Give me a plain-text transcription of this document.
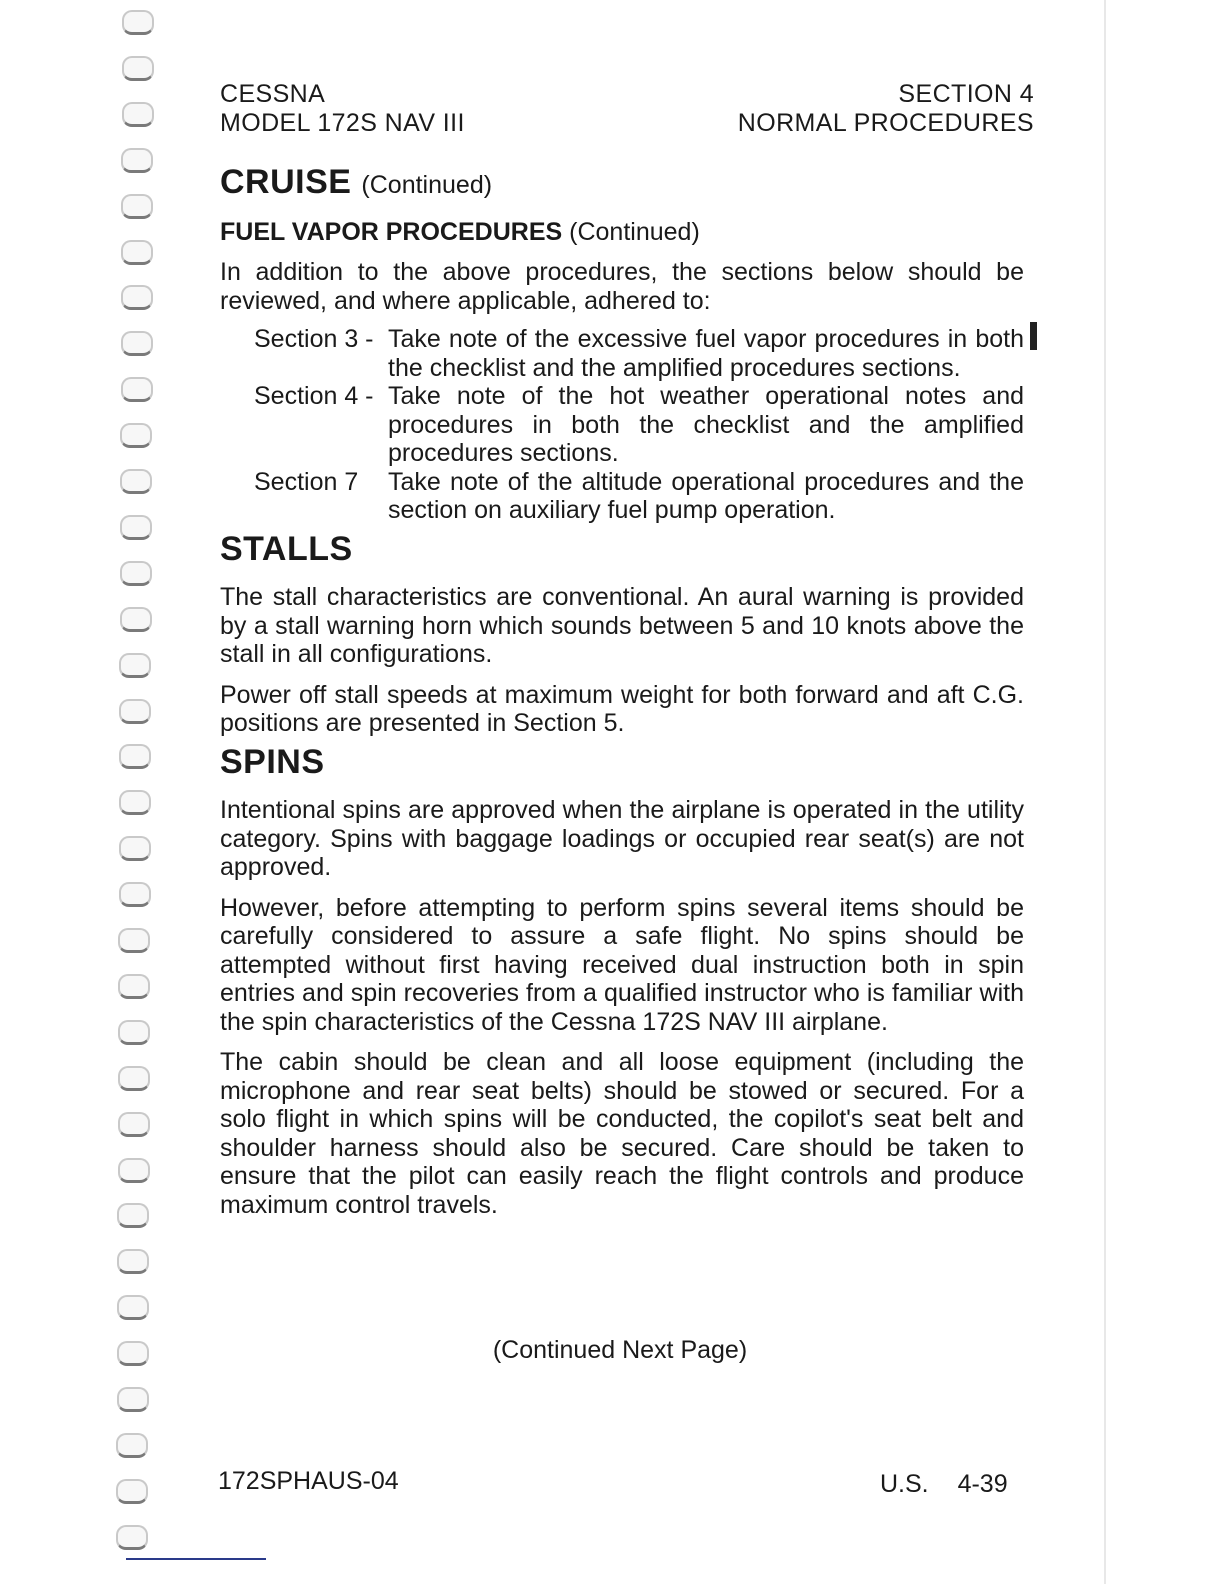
CESSNA
MODEL 172S NAV III
SECTION 4
NORMAL PROCEDURES
CRUISE (Continued)
FUEL VAPOR PROCEDURES (Continued)

In addition to the above procedures, the sections below should be reviewed, and where applicable, adhered to:

Section 3 - Take note of the excessive fuel vapor procedures in both the checklist and the amplified procedures sections.
Section 4 - Take note of the hot weather operational notes and procedures in both the checklist and the amplified procedures sections.
Section 7	Take note of the altitude operational procedures and the section on auxiliary fuel pump operation.
STALLS

The stall characteristics are conventional. An aural warning is provided by a stall warning horn which sounds between 5 and 10 knots above the stall in all configurations.

Power off stall speeds at maximum weight for both forward and aft C.G. positions are presented in Section 5.

SPINS

Intentional spins are approved when the airplane is operated in the utility category. Spins with baggage loadings or occupied rear seat(s) are not approved.

However, before attempting to perform spins several items should be carefully considered to assure a safe flight. No spins should be attempted without first having received dual instruction both in spin entries and spin recoveries from a qualified instructor who is familiar with the spin characteristics of the Cessna 172S NAV III airplane.

The cabin should be clean and all loose equipment (including the microphone and rear seat belts) should be stowed or secured. For a solo flight in which spins will be conducted, the copilot's seat belt and shoulder harness should also be secured. Care should be taken to ensure that the pilot can easily reach the flight controls and produce maximum control travels.

(Continued Next Page)
172SPHAUS-04	U.S. 4-39
